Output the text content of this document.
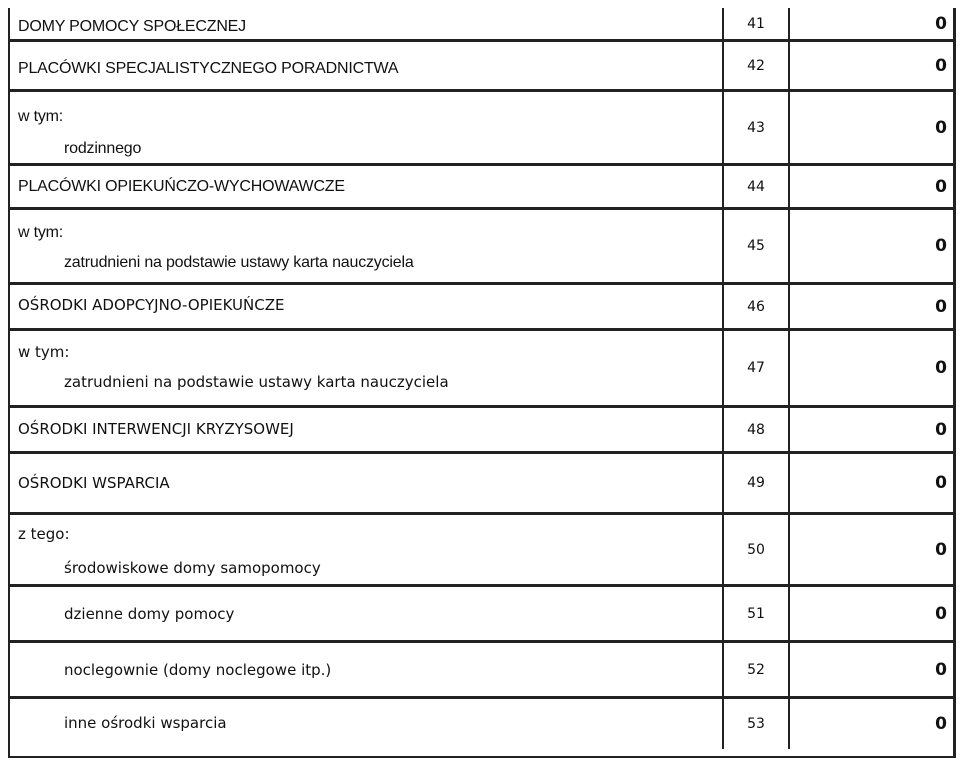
DOMY POMOCY SPOŁECZNEJ	41	0
PLACÓWKI SPECJALISTYCZNEGO PORADNICTWA	42	0
w tym:
rodzinnego
43	0
PLACÓWKI OPIEKUŃCZO-WYCHOWAWCZE	44	0
w tym:
zatrudnieni na podstawie ustawy karta nauczyciela
45	0
OŚRODKI ADOPCYJNO-OPIEKUŃCZE	46	0
w tym:
zatrudnieni na podstawie ustawy karta nauczyciela
47	0
OŚRODKI INTERWENCJI KRYZYSOWEJ	48	0
OŚRODKI WSPARCIA	49	0
z tego:
środowiskowe domy samopomocy
50	0
dzienne domy pomocy	51	0
noclegownie (domy noclegowe itp.)	52	0
inne ośrodki wsparcia	53	0
